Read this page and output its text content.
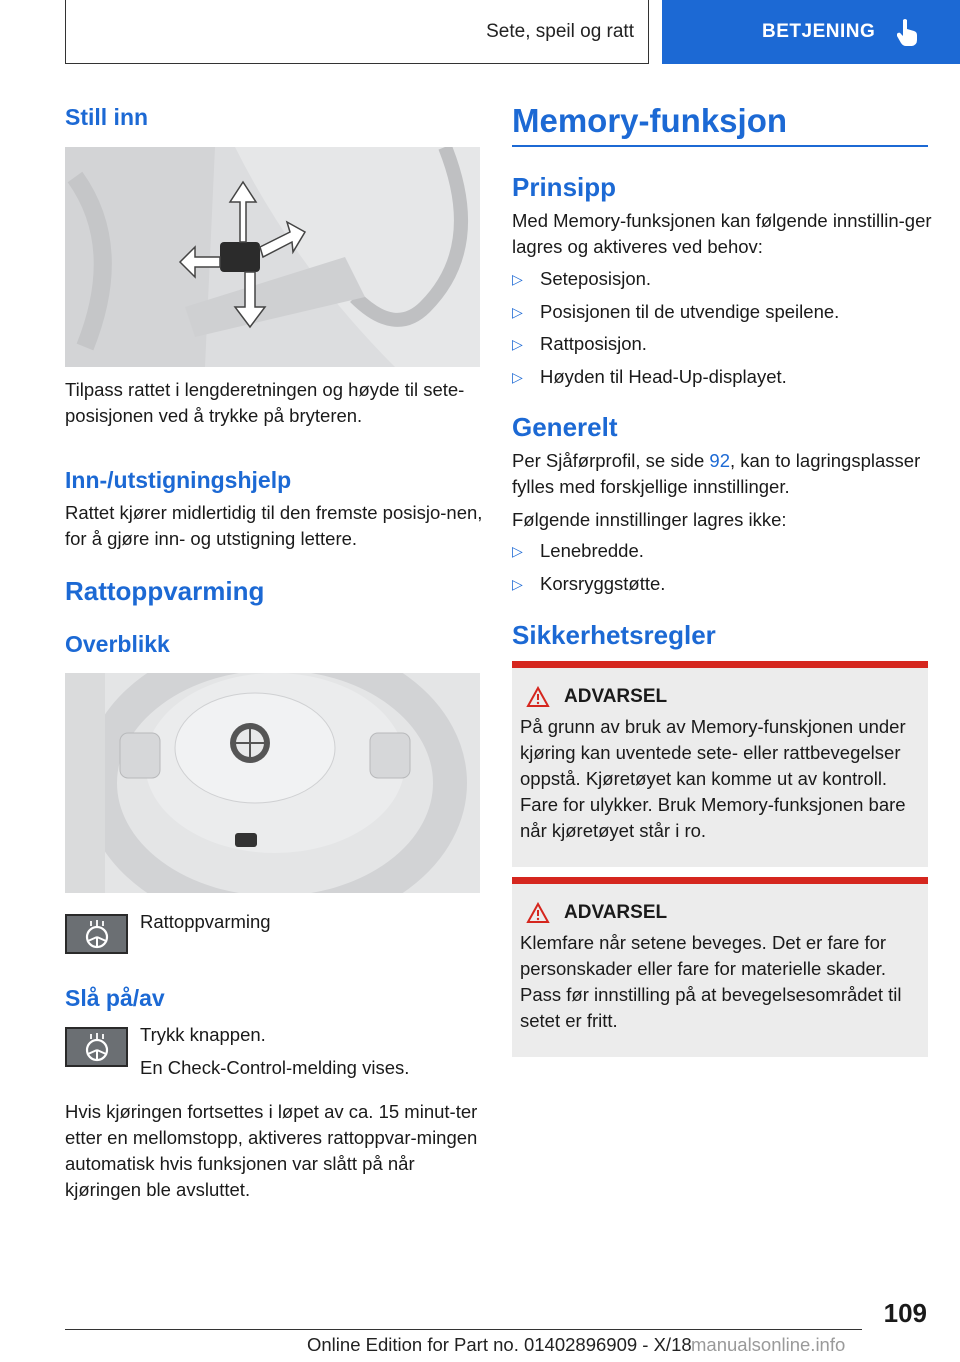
Sete, speil og ratt	BETJENING
Still inn

Tilpass rattet i lengderetningen og høyde til sete-posisjonen ved å trykke på bryteren.

Inn-/utstigningshjelp

Rattet kjører midlertidig til den fremste posisjo-nen, for å gjøre inn- og utstigning lettere.

Rattoppvarming
Overblikk
Rattoppvarming
Slå på/av
Trykk knappen.
En Check-Control-melding vises.

Hvis kjøringen fortsettes i løpet av ca. 15 minut-ter etter en mellomstopp, aktiveres rattoppvar-mingen automatisk hvis funksjonen var slått på når kjøringen ble avsluttet.

Memory-funksjon
Prinsipp

Med Memory-funksjonen kan følgende innstillin-ger lagres og aktiveres ved behov:

▷ Seteposisjon.
▷ Posisjonen til de utvendige speilene.
▷ Rattposisjon.
▷ Høyden til Head-Up-displayet.
Generelt

Per Sjåførprofil, se side 92, kan to lagringsplasser fylles med forskjellige innstillinger.

Følgende innstillinger lagres ikke:

▷ Lenebredde.
▷ Korsryggstøtte.
Sikkerhetsregler
ADVARSEL

På grunn av bruk av Memory-funskjonen under kjøring kan uventede sete- eller rattbevegelser oppstå. Kjøretøyet kan komme ut av kontroll. Fare for ulykker. Bruk Memory-funksjonen bare når kjøretøyet står i ro.

ADVARSEL

Klemfare når setene beveges. Det er fare for personskader eller fare for materielle skader. Pass før innstilling på at bevegelsesområdet til setet er fritt.

109
Online Edition for Part no. 01402896909 - X/18 manualsonline.info
